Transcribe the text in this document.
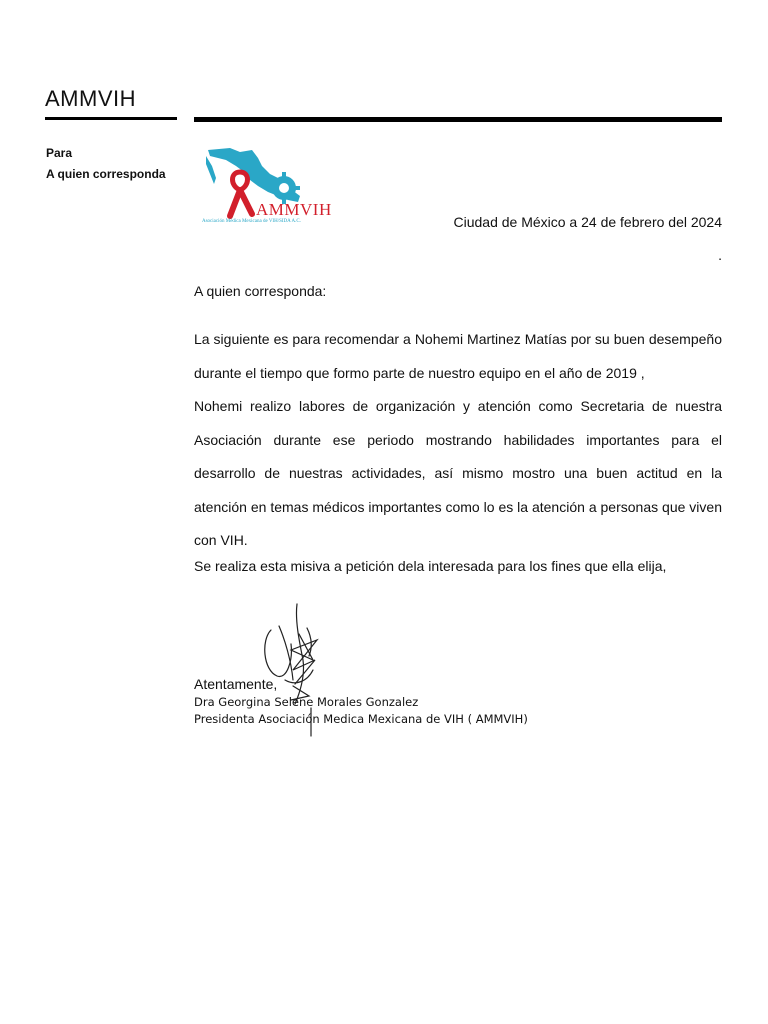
AMMVIH
Para
A quien corresponda
AMMVIH
Asociación Médica Mexicana de VIH/SIDA A.C.	Ciudad de México a 24 de febrero del 2024
.
A quien corresponda:

La siguiente es para recomendar a Nohemi Martinez Matías por su buen desempeño durante el tiempo que formo parte de nuestro equipo en el año de 2019 ,

Nohemi realizo labores de organización y atención como Secretaria de nuestra Asociación durante ese periodo mostrando habilidades importantes para el desarrollo de nuestras actividades, así mismo mostro una buen actitud en la atención en temas médicos importantes como lo es la atención a personas que viven con VIH.

Se realiza esta misiva a petición dela interesada para los fines que ella elija,
Atentamente,
Dra Georgina Selene Morales Gonzalez
Presidenta Asociación Medica Mexicana de VIH ( AMMVIH)
